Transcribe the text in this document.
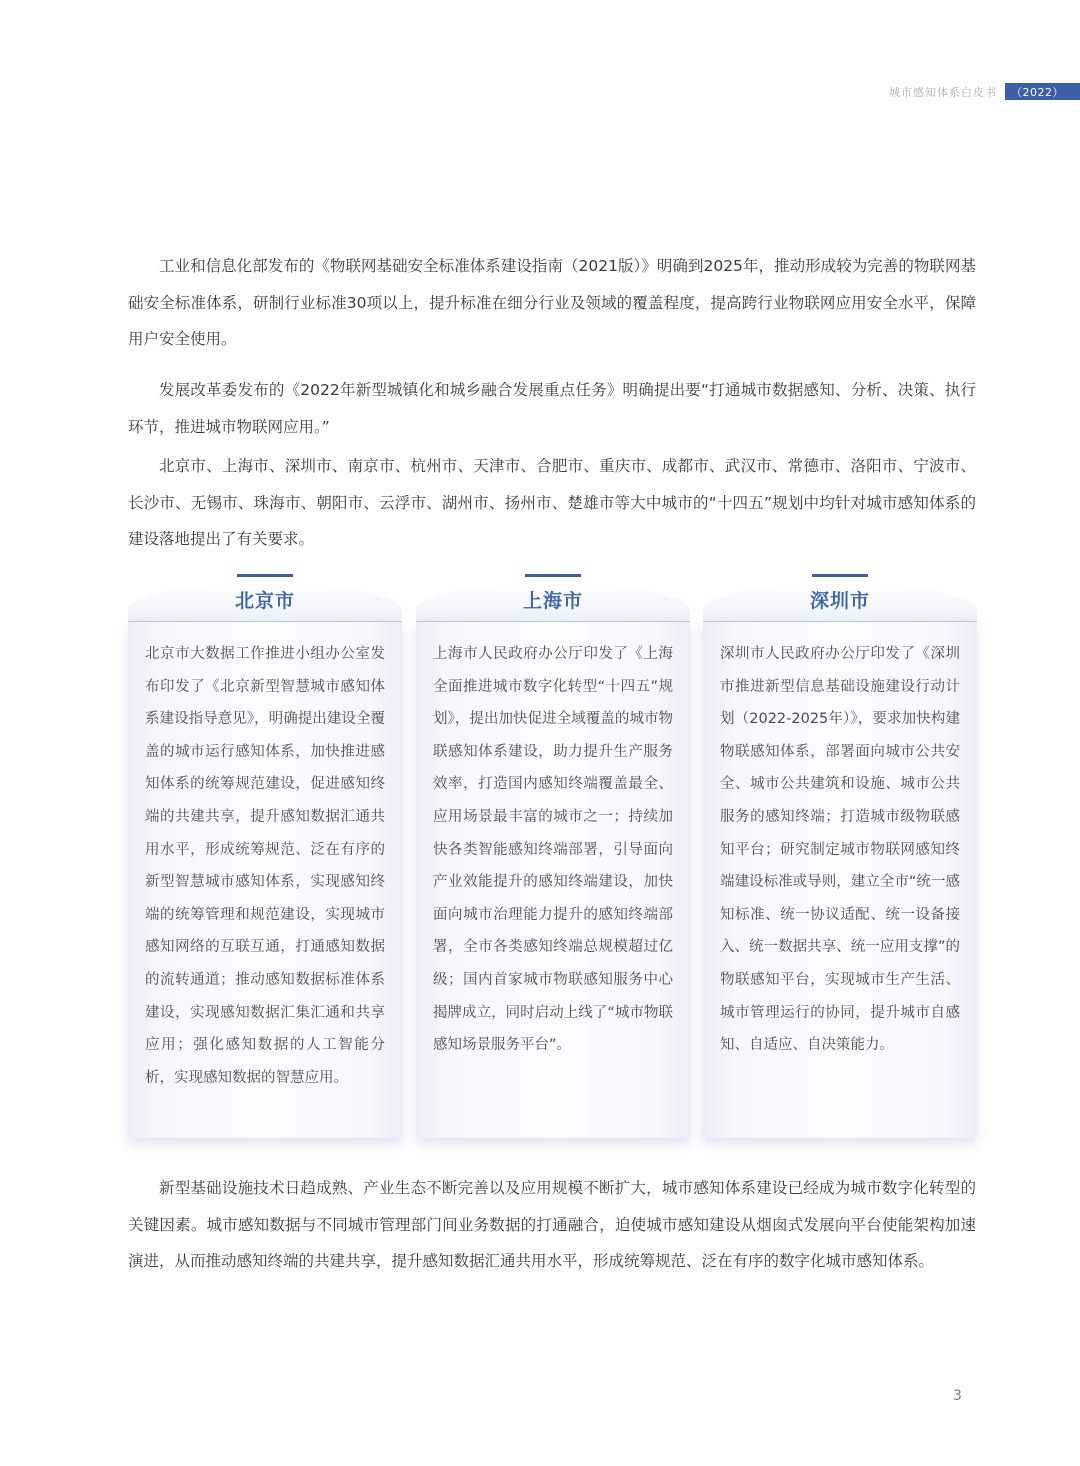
城市感知体系白皮书 （2022）

工业和信息化部发布的《物联网基础安全标准体系建设指南（2021版）》明确到2025年，推动形成较为完善的物联网基础安全标准体系，研制行业标准30项以上，提升标准在细分行业及领域的覆盖程度，提高跨行业物联网应用安全水平，保障用户安全使用。

发展改革委发布的《2022年新型城镇化和城乡融合发展重点任务》明确提出要“打通城市数据感知、分析、决策、执行环节，推进城市物联网应用。”

北京市、上海市、深圳市、南京市、杭州市、天津市、合肥市、重庆市、成都市、武汉市、常德市、洛阳市、宁波市、长沙市、无锡市、珠海市、朝阳市、云浮市、湖州市、扬州市、楚雄市等大中城市的“十四五”规划中均针对城市感知体系的建设落地提出了有关要求。

北京市

北京市大数据工作推进小组办公室发布印发了《北京新型智慧城市感知体系建设指导意见》，明确提出建设全覆盖的城市运行感知体系，加快推进感知体系的统筹规范建设，促进感知终端的共建共享，提升感知数据汇通共用水平，形成统筹规范、泛在有序的新型智慧城市感知体系，实现感知终端的统筹管理和规范建设，实现城市感知网络的互联互通，打通感知数据的流转通道；推动感知数据标准体系建设，实现感知数据汇集汇通和共享应用；强化感知数据的人工智能分析，实现感知数据的智慧应用。

上海市

上海市人民政府办公厅印发了《上海全面推进城市数字化转型“十四五”规划》，提出加快促进全域覆盖的城市物联感知体系建设，助力提升生产服务效率，打造国内感知终端覆盖最全、应用场景最丰富的城市之一；持续加快各类智能感知终端部署，引导面向产业效能提升的感知终端建设，加快面向城市治理能力提升的感知终端部署，全市各类感知终端总规模超过亿级；国内首家城市物联感知服务中心揭牌成立，同时启动上线了“城市物联感知场景服务平台”。

深圳市

深圳市人民政府办公厅印发了《深圳市推进新型信息基础设施建设行动计划（2022-2025年）》，要求加快构建物联感知体系，部署面向城市公共安全、城市公共建筑和设施、城市公共服务的感知终端；打造城市级物联感知平台；研究制定城市物联网感知终端建设标准或导则，建立全市“统一感知标准、统一协议适配、统一设备接入、统一数据共享、统一应用支撑”的物联感知平台，实现城市生产生活、城市管理运行的协同，提升城市自感知、自适应、自决策能力。

新型基础设施技术日趋成熟、产业生态不断完善以及应用规模不断扩大，城市感知体系建设已经成为城市数字化转型的关键因素。城市感知数据与不同城市管理部门间业务数据的打通融合，迫使城市感知建设从烟囱式发展向平台使能架构加速演进，从而推动感知终端的共建共享，提升感知数据汇通共用水平，形成统筹规范、泛在有序的数字化城市感知体系。

3
